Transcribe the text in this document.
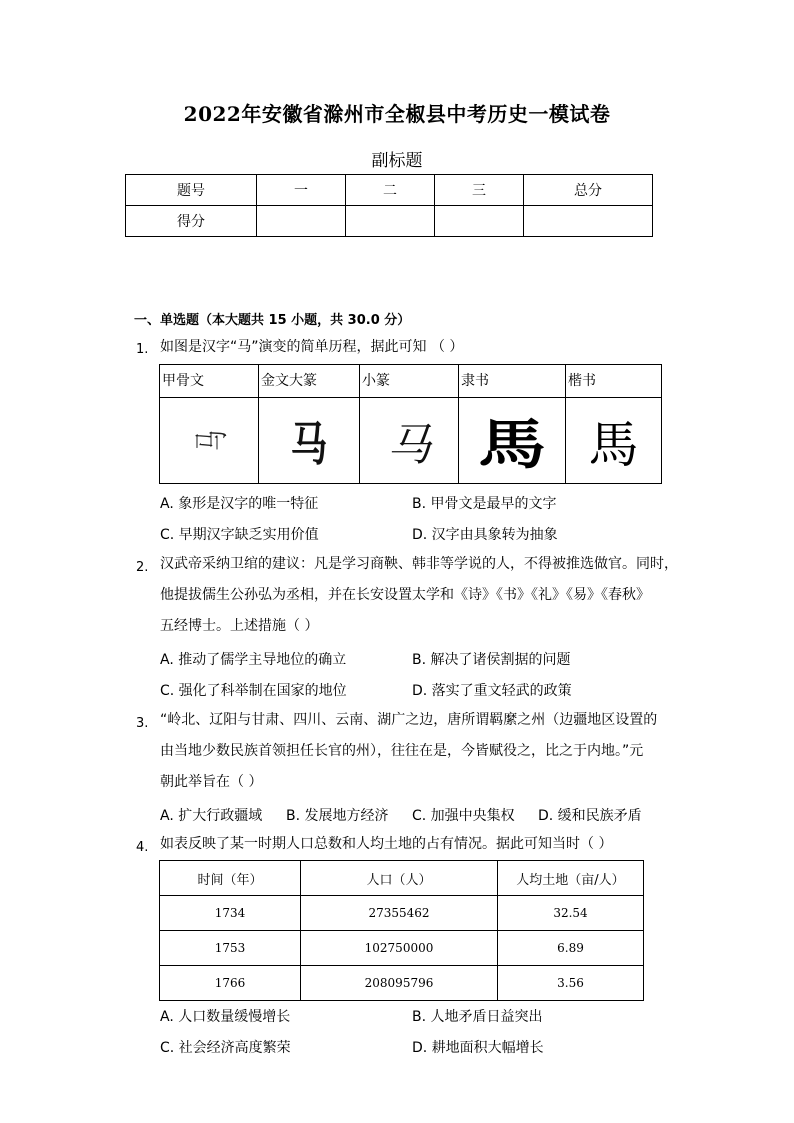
2022年安徽省滁州市全椒县中考历史一模试卷
副标题
题号	一	二	三	总分
得分				
一、单选题（本大题共 15 小题，共 30.0 分）
1. 如图是汉字“马”演变的简单历程，据此可知 （ ）
甲骨文	金文大篆	小篆	隶书	楷书
马	马	马	馬	馬
A. 象形是汉字的唯一特征	B. 甲骨文是最早的文字
C. 早期汉字缺乏实用价值	D. 汉字由具象转为抽象
2. 汉武帝采纳卫绾的建议：凡是学习商鞅、韩非等学说的人，不得被推选做官。同时，
他提拔儒生公孙弘为丞相，并在长安设置太学和《诗》《书》《礼》《易》《春秋》
五经博士。上述措施（ ）
A. 推动了儒学主导地位的确立	B. 解决了诸侯割据的问题
C. 强化了科举制在国家的地位	D. 落实了重文轻武的政策
3. “岭北、辽阳与甘肃、四川、云南、湖广之边，唐所谓羁縻之州（边疆地区设置的
由当地少数民族首领担任长官的州），往往在是，今皆赋役之，比之于内地。”元
朝此举旨在（ ）
A. 扩大行政疆域 B. 发展地方经济 C. 加强中央集权 D. 缓和民族矛盾
4. 如表反映了某一时期人口总数和人均土地的占有情况。据此可知当时（ ）
时间（年）	人口（人）	人均土地（亩/人）
1734	27355462	32.54
1753	102750000	6.89
1766	208095796	3.56
A. 人口数量缓慢增长	B. 人地矛盾日益突出
C. 社会经济高度繁荣	D. 耕地面积大幅增长
